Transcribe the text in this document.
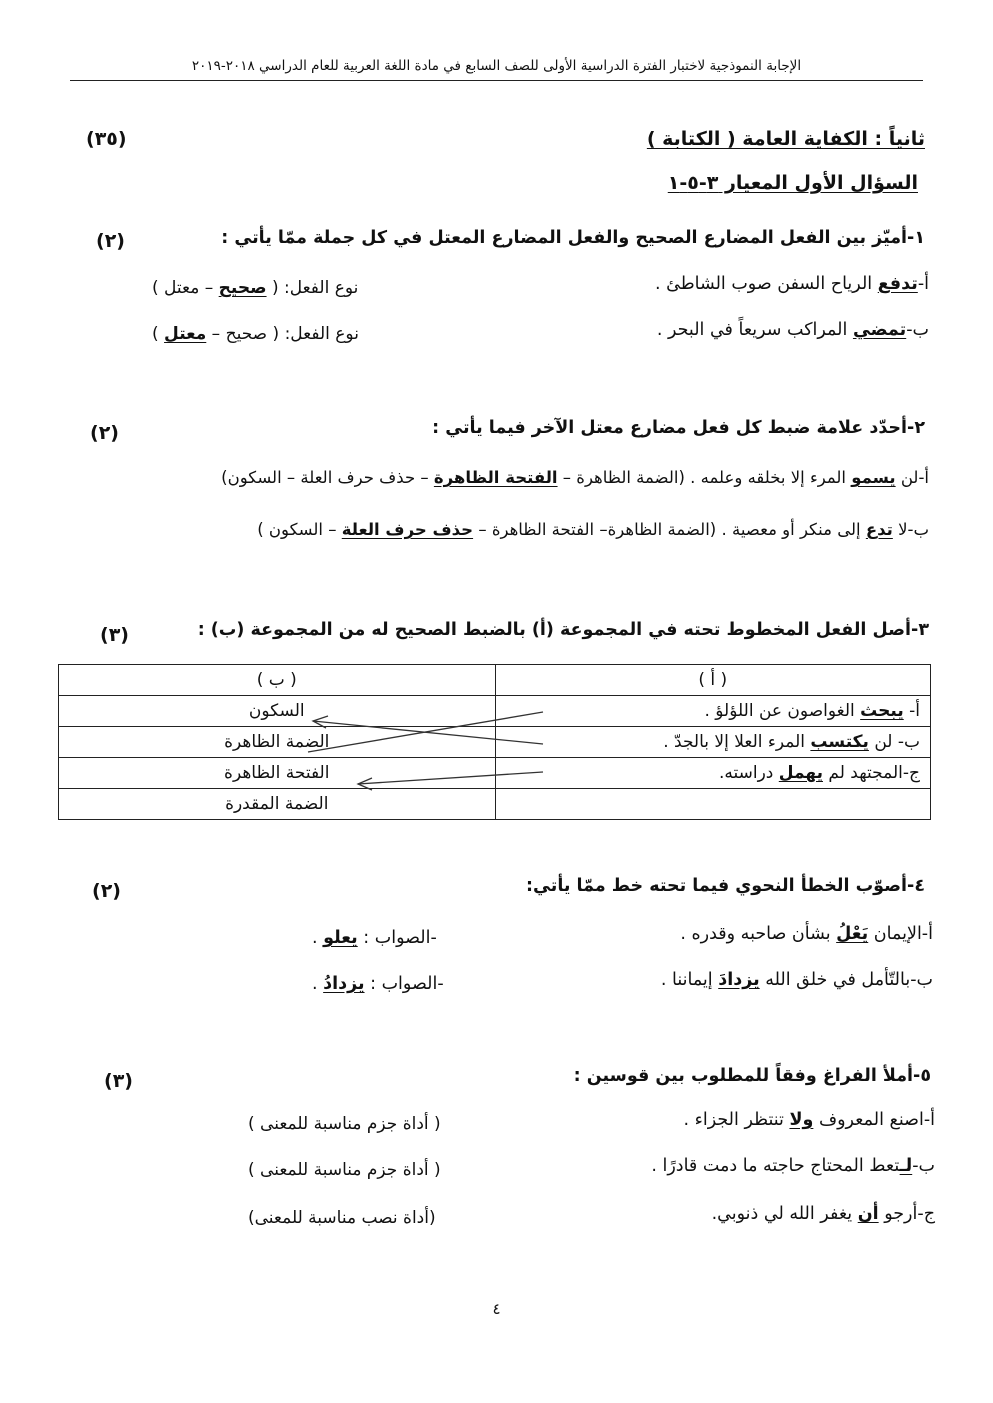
الإجابة النموذجية لاختبار الفترة الدراسية الأولى للصف السابع في مادة اللغة العربية للعام الدراسي ٢٠١٨-٢٠١٩
ثانياً : الكفاية العامة ( الكتابة )
(٣٥)
السؤال الأول المعيار ٣-٥-١
١-أميّز بين الفعل المضارع الصحيح والفعل المضارع المعتل في كل جملة ممّا يأتي :
(٢)
أ-تدفع الرياح السفن صوب الشاطئ .
نوع الفعل: ( صحيح – معتل )
ب-تمضي المراكب سريعاً في البحر .
نوع الفعل: ( صحيح – معتل )
٢-أحدّد علامة ضبط كل فعل مضارع معتل الآخر فيما يأتي :
(٢)
أ-لن يسمو المرء إلا بخلقه وعلمه . (الضمة الظاهرة – الفتحة الظاهرة – حذف حرف العلة – السكون)
ب-لا تدع إلى منكر أو معصية . (الضمة الظاهرة– الفتحة الظاهرة – حذف حرف العلة – السكون )
٣-أصل الفعل المخطوط تحته في المجموعة (أ) بالضبط الصحيح له من المجموعة (ب) :
(٣)
( أ )	( ب )
أ- يبحث الغواصون عن اللؤلؤ .	السكون
ب- لن يكتسب المرء العلا إلا بالجدّ .	الضمة الظاهرة
ج-المجتهد لم يهمل دراسته.	الفتحة الظاهرة
	الضمة المقدرة
٤-أصوّب الخطأ النحوي فيما تحته خط ممّا يأتي:
(٢)
أ-الإيمان يَعْلُ بشأن صاحبه وقدره .
-الصواب : يعلو .
ب-بالتّأمل في خلق الله يزدادَ إيماننا .
-الصواب : يزدادُ .
٥-أملأ الفراغ وفقاً للمطلوب بين قوسين :
(٣)
أ-اصنع المعروف ولا تنتظر الجزاء .
( أداة جزم مناسبة للمعنى )
ب-لـتعط المحتاج حاجته ما دمت قادرًا .
( أداة جزم مناسبة للمعنى )
ج-أرجو أن يغفر الله لي ذنوبي.
(أداة نصب مناسبة للمعنى)
٤
